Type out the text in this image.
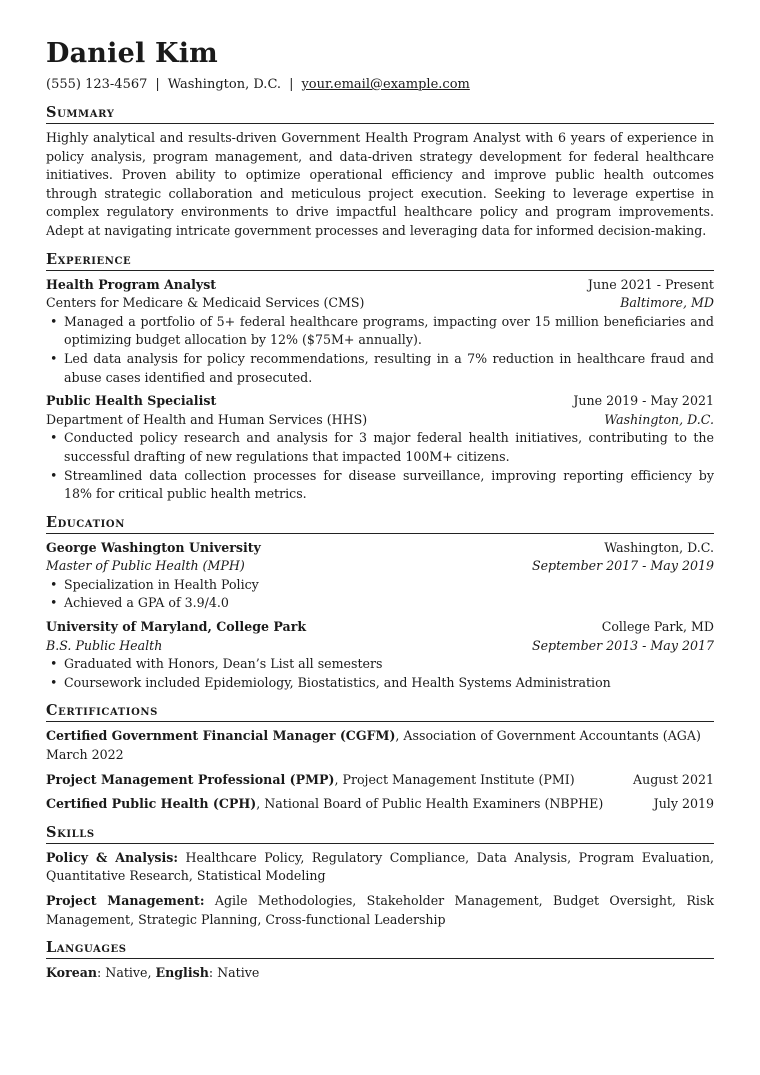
Daniel Kim
(555) 123-4567 | Washington, D.C. | your.email@example.com
Summary

Highly analytical and results-driven Government Health Program Analyst with 6 years of experience in policy analysis, program management, and data-driven strategy development for federal healthcare initiatives. Proven ability to optimize operational efficiency and improve public health outcomes through strategic collaboration and meticulous project execution. Seeking to leverage expertise in complex regulatory environments to drive impactful healthcare policy and program improvements. Adept at navigating intricate government processes and leveraging data for informed decision-making.

Experience
Health Program Analyst	June 2021 - Present
Centers for Medicare & Medicaid Services (CMS)	Baltimore, MD
• Managed a portfolio of 5+ federal healthcare programs, impacting over 15 million beneficiaries and optimizing budget allocation by 12% ($75M+ annually).
• Led data analysis for policy recommendations, resulting in a 7% reduction in healthcare fraud and abuse cases identified and prosecuted.
Public Health Specialist	June 2019 - May 2021
Department of Health and Human Services (HHS)	Washington, D.C.
• Conducted policy research and analysis for 3 major federal health initiatives, contributing to the successful drafting of new regulations that impacted 100M+ citizens.
• Streamlined data collection processes for disease surveillance, improving reporting efficiency by 18% for critical public health metrics.
Education
George Washington University	Washington, D.C.
Master of Public Health (MPH)	September 2017 - May 2019
• Specialization in Health Policy
• Achieved a GPA of 3.9/4.0
University of Maryland, College Park	College Park, MD
B.S. Public Health	September 2013 - May 2017
• Graduated with Honors, Dean’s List all semesters
• Coursework included Epidemiology, Biostatistics, and Health Systems Administration
Certifications
Certified Government Financial Manager (CGFM), Association of Government Accountants (AGA)
March 2022
Project Management Professional (PMP), Project Management Institute (PMI)	August 2021
Certified Public Health (CPH), National Board of Public Health Examiners (NBPHE)	July 2019
Skills

Policy & Analysis: Healthcare Policy, Regulatory Compliance, Data Analysis, Program Evaluation, Quantitative Research, Statistical Modeling

Project Management: Agile Methodologies, Stakeholder Management, Budget Oversight, Risk Management, Strategic Planning, Cross-functional Leadership

Languages

Korean: Native, English: Native
